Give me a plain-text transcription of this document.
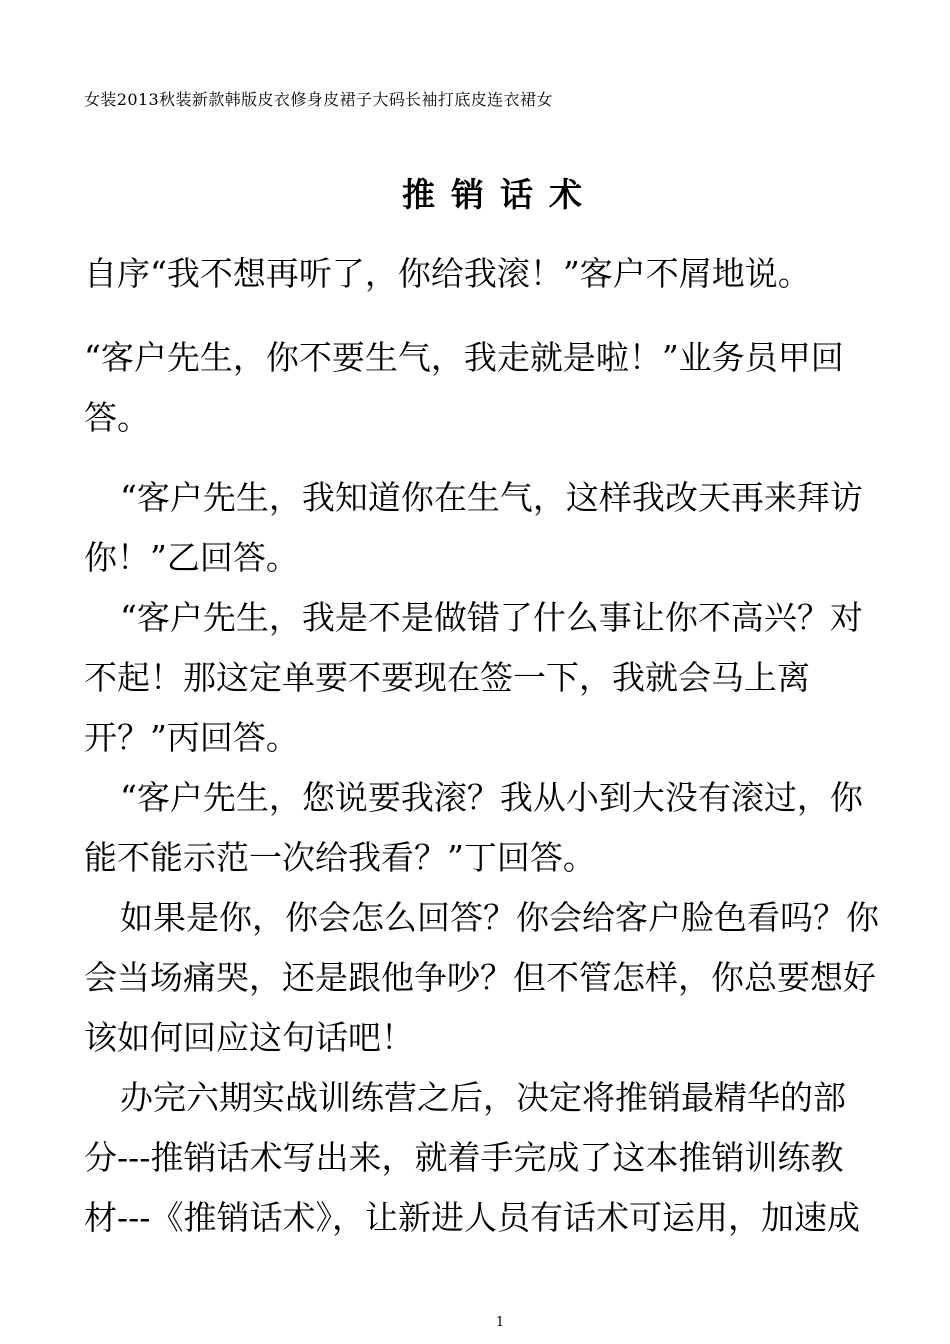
女装2013秋装新款韩版皮衣修身皮裙子大码长袖打底皮连衣裙女
推销话术
自序“我不想再听了，你给我滚！”客户不屑地说。
“客户先生，你不要生气，我走就是啦！”业务员甲回
答。
“客户先生，我知道你在生气，这样我改天再来拜访
你！”乙回答。
“客户先生，我是不是做错了什么事让你不高兴？对
不起！那这定单要不要现在签一下，我就会马上离
开？”丙回答。
“客户先生，您说要我滚？我从小到大没有滚过，你
能不能示范一次给我看？”丁回答。
如果是你，你会怎么回答？你会给客户脸色看吗？你
会当场痛哭，还是跟他争吵？但不管怎样，你总要想好
该如何回应这句话吧！
办完六期实战训练营之后，决定将推销最精华的部
分---推销话术写出来，就着手完成了这本推销训练教
材---《推销话术》，让新进人员有话术可运用，加速成
1
